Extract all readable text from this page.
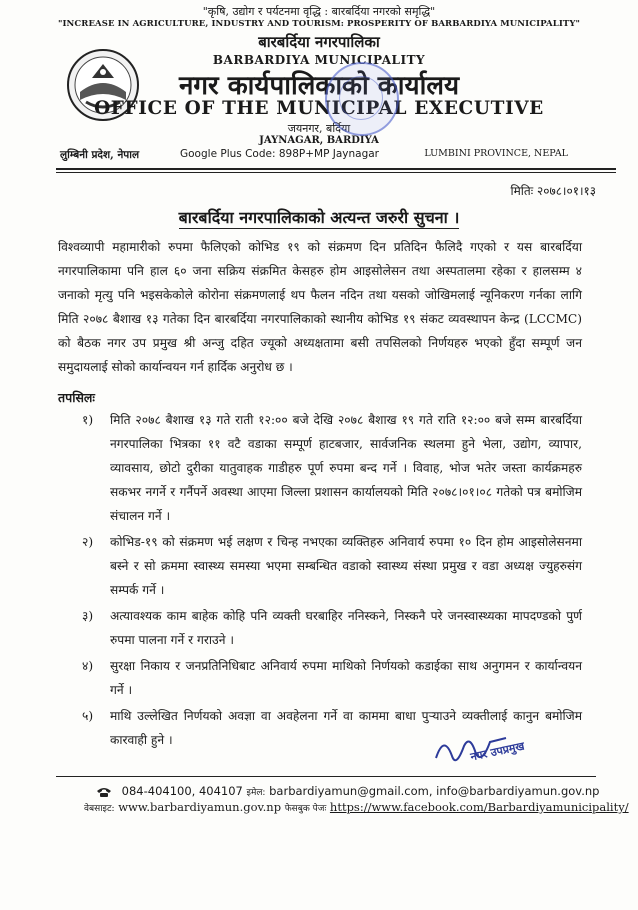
"कृषि, उद्योग र पर्यटनमा वृद्धि : बारबर्दिया नगरको समृद्धि"
"INCREASE IN AGRICULTURE, INDUSTRY AND TOURISM: PROSPERITY OF BARBARDIYA MUNICIPALITY"
बारबर्दिया नगरपालिका
BARBARDIYA MUNICIPALITY
नगर कार्यपालिकाको कार्यालय
OFFICE OF THE MUNICIPAL EXECUTIVE
जयनगर, बर्दिया
JAYNAGAR, BARDIYA
लुम्बिनी प्रदेश, नेपाल	Google Plus Code: 898P+MP Jaynagar	LUMBINI PROVINCE, NEPAL
मितिः २०७८।०१।१३
बारबर्दिया नगरपालिकाको अत्यन्त जरुरी सुचना ।
विश्वव्यापी महामारीको रुपमा फैलिएको कोभिड १९ को संक्रमण दिन प्रतिदिन फैलिदै गएको र यस बारबर्दिया नगरपालिकामा पनि हाल ६० जना सक्रिय संक्रमित केसहरु होम आइसोलेसन तथा अस्पतालमा रहेका र हालसम्म ४ जनाको मृत्यु पनि भइसकेकोले कोरोना संक्रमणलाई थप फैलन नदिन तथा यसको जोखिमलाई न्यूनिकरण गर्नका लागि मिति २०७८ बैशाख १३ गतेका दिन बारबर्दिया नगरपालिकाको स्थानीय कोभिड १९ संकट व्यवस्थापन केन्द्र (LCCMC) को बैठक नगर उप प्रमुख श्री अन्जु दहित ज्यूको अध्यक्षतामा बसी तपसिलको निर्णयहरु भएको हुँदा सम्पूर्ण जन समुदायलाई सोको कार्यान्वयन गर्न हार्दिक अनुरोध छ ।
तपसिलः
१) मिति २०७८ बैशाख १३ गते राती १२:०० बजे देखि २०७८ बैशाख १९ गते राति १२:०० बजे सम्म बारबर्दिया नगरपालिका भित्रका ११ वटै वडाका सम्पूर्ण हाटबजार, सार्वजनिक स्थलमा हुने भेला, उद्योग, व्यापार, व्यावसाय, छोटो दुरीका यातुवाहक गाडीहरु पूर्ण रुपमा बन्द गर्ने । विवाह, भोज भतेर जस्ता कार्यक्रमहरु सकभर नगर्ने र गर्नैपर्ने अवस्था आएमा जिल्ला प्रशासन कार्यालयको मिति २०७८।०१।०८ गतेको पत्र बमोजिम संचालन गर्ने ।
२) कोभिड-१९ को संक्रमण भई लक्षण र चिन्ह नभएका व्यक्तिहरु अनिवार्य रुपमा १० दिन होम आइसोलेसनमा बस्ने र सो क्रममा स्वास्थ्य समस्या भएमा सम्बन्धित वडाको स्वास्थ्य संस्था प्रमुख र वडा अध्यक्ष ज्युहरुसंग सम्पर्क गर्ने ।
३) अत्यावश्यक काम बाहेक कोहि पनि व्यक्ती घरबाहिर ननिस्कने, निस्कनै परे जनस्वास्थ्यका मापदण्डको पुर्ण रुपमा पालना गर्ने र गराउने ।
४) सुरक्षा निकाय र जनप्रतिनिधिबाट अनिवार्य रुपमा माथिको निर्णयको कडाईका साथ अनुगमन र कार्यान्वयन गर्ने ।
५) माथि उल्लेखित निर्णयको अवज्ञा वा अवहेलना गर्ने वा काममा बाधा पुऱ्याउने व्यक्तीलाई कानुन बमोजिम कारवाही हुने ।	नगर उपप्रमुख
084-404100, 404107 इमेल: barbardiyamun@gmail.com, info@barbardiyamun.gov.np
वेबसाइट: www.barbardiyamun.gov.np फेसबुक पेजः https://www.facebook.com/Barbardiyamunicipality/
